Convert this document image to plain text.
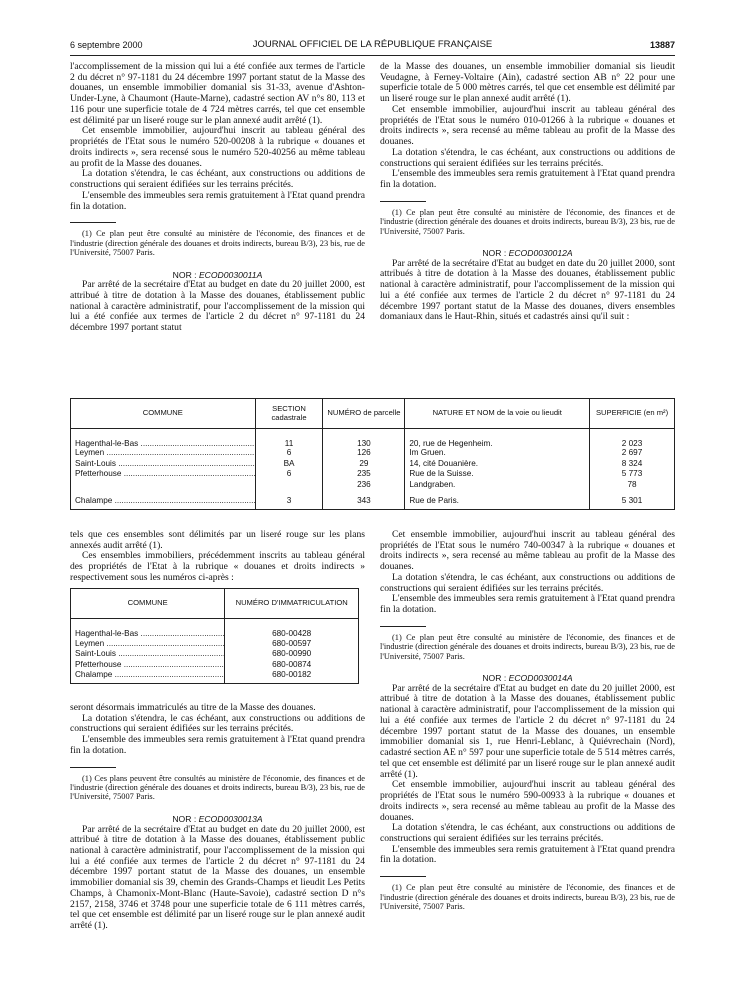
6 septembre 2000	JOURNAL OFFICIEL DE LA RÉPUBLIQUE FRANÇAISE	13887

l'accomplissement de la mission qui lui a été confiée aux termes de l'article 2 du décret n° 97-1181 du 24 décembre 1997 portant statut de la Masse des douanes, un ensemble immobilier domanial sis 31-33, avenue d'Ashton-Under-Lyne, à Chaumont (Haute-Marne), cadastré section AV n°s 80, 113 et 116 pour une superficie totale de 4 724 mètres carrés, tel que cet ensemble est délimité par un liseré rouge sur le plan annexé audit arrêté (1).

Cet ensemble immobilier, aujourd'hui inscrit au tableau général des propriétés de l'Etat sous le numéro 520-00208 à la rubrique « douanes et droits indirects », sera recensé sous le numéro 520-40256 au même tableau au profit de la Masse des douanes.

La dotation s'étendra, le cas échéant, aux constructions ou additions de constructions qui seraient édifiées sur les terrains précités.

L'ensemble des immeubles sera remis gratuitement à l'Etat quand prendra fin la dotation.

(1) Ce plan peut être consulté au ministère de l'économie, des finances et de l'industrie (direction générale des douanes et droits indirects, bureau B/3), 23 bis, rue de l'Université, 75007 Paris.

NOR : ECOD0030011A

Par arrêté de la secrétaire d'Etat au budget en date du 20 juillet 2000, est attribué à titre de dotation à la Masse des douanes, établissement public national à caractère administratif, pour l'accomplissement de la mission qui lui a été confiée aux termes de l'article 2 du décret n° 97-1181 du 24 décembre 1997 portant statut

de la Masse des douanes, un ensemble immobilier domanial sis lieudit Veudagne, à Ferney-Voltaire (Ain), cadastré section AB n° 22 pour une superficie totale de 5 000 mètres carrés, tel que cet ensemble est délimité par un liseré rouge sur le plan annexé audit arrêté (1).

Cet ensemble immobilier, aujourd'hui inscrit au tableau général des propriétés de l'Etat sous le numéro 010-01266 à la rubrique « douanes et droits indirects », sera recensé au même tableau au profit de la Masse des douanes.

La dotation s'étendra, le cas échéant, aux constructions ou additions de constructions qui seraient édifiées sur les terrains précités.

L'ensemble des immeubles sera remis gratuitement à l'Etat quand prendra fin la dotation.

(1) Ce plan peut être consulté au ministère de l'économie, des finances et de l'industrie (direction générale des douanes et droits indirects, bureau B/3), 23 bis, rue de l'Université, 75007 Paris.

NOR : ECOD0030012A

Par arrêté de la secrétaire d'Etat au budget en date du 20 juillet 2000, sont attribués à titre de dotation à la Masse des douanes, établissement public national à caractère administratif, pour l'accomplissement de la mission qui lui a été confiée aux termes de l'article 2 du décret n° 97-1181 du 24 décembre 1997 portant statut de la Masse des douanes, divers ensembles domaniaux dans le Haut-Rhin, situés et cadastrés ainsi qu'il suit :

COMMUNE	SECTION cadastrale	NUMÉRO de parcelle	NATURE ET NOM de la voie ou lieudit	SUPERFICIE (en m²)
Hagenthal-le-Bas .....	11	130	20, rue de Hegenheim.	2 023
Leymen .....	6	126	Im Gruen.	2 697
Saint-Louis .....	BA	29	14, cité Douanière.	8 324
Pfetterhouse .....	6	235	Rue de la Suisse.	5 773
		236	Landgraben.	78
Chalampe .....	3	343	Rue de Paris.	5 301

tels que ces ensembles sont délimités par un liseré rouge sur les plans annexés audit arrêté (1).

Ces ensembles immobiliers, précédemment inscrits au tableau général des propriétés de l'Etat à la rubrique « douanes et droits indirects » respectivement sous les numéros ci-après :

COMMUNE	NUMÉRO D'IMMATRICULATION
Hagenthal-le-Bas .....	680-00428
Leymen .....	680-00597
Saint-Louis .....	680-00990
Pfetterhouse .....	680-00874
Chalampe .....	680-00182

seront désormais immatriculés au titre de la Masse des douanes.

La dotation s'étendra, le cas échéant, aux constructions ou additions de constructions qui seraient édifiées sur les terrains précités.

L'ensemble des immeubles sera remis gratuitement à l'Etat quand prendra fin la dotation.

(1) Ces plans peuvent être consultés au ministère de l'économie, des finances et de l'industrie (direction générale des douanes et droits indirects, bureau B/3), 23 bis, rue de l'Université, 75007 Paris.

NOR : ECOD0030013A

Par arrêté de la secrétaire d'Etat au budget en date du 20 juillet 2000, est attribué à titre de dotation à la Masse des douanes, établissement public national à caractère administratif, pour l'accomplissement de la mission qui lui a été confiée aux termes de l'article 2 du décret n° 97-1181 du 24 décembre 1997 portant statut de la Masse des douanes, un ensemble immobilier domanial sis 39, chemin des Grands-Champs et lieudit Les Petits Champs, à Chamonix-Mont-Blanc (Haute-Savoie), cadastré section D n°s 2157, 2158, 3746 et 3748 pour une superficie totale de 6 111 mètres carrés, tel que cet ensemble est délimité par un liseré rouge sur le plan annexé audit arrêté (1).

Cet ensemble immobilier, aujourd'hui inscrit au tableau général des propriétés de l'Etat sous le numéro 740-00347 à la rubrique « douanes et droits indirects », sera recensé au même tableau au profit de la Masse des douanes.

La dotation s'étendra, le cas échéant, aux constructions ou additions de constructions qui seraient édifiées sur les terrains précités.

L'ensemble des immeubles sera remis gratuitement à l'Etat quand prendra fin la dotation.

(1) Ce plan peut être consulté au ministère de l'économie, des finances et de l'industrie (direction générale des douanes et droits indirects, bureau B/3), 23 bis, rue de l'Université, 75007 Paris.

NOR : ECOD0030014A

Par arrêté de la secrétaire d'Etat au budget en date du 20 juillet 2000, est attribué à titre de dotation à la Masse des douanes, établissement public national à caractère administratif, pour l'accomplissement de la mission qui lui a été confiée aux termes de l'article 2 du décret n° 97-1181 du 24 décembre 1997 portant statut de la Masse des douanes, un ensemble immobilier domanial sis 1, rue Henri-Leblanc, à Quiévrechain (Nord), cadastré section AE n° 597 pour une superficie totale de 5 514 mètres carrés, tel que cet ensemble est délimité par un liseré rouge sur le plan annexé audit arrêté (1).

Cet ensemble immobilier, aujourd'hui inscrit au tableau général des propriétés de l'Etat sous le numéro 590-00933 à la rubrique « douanes et droits indirects », sera recensé au même tableau au profit de la Masse des douanes.

La dotation s'étendra, le cas échéant, aux constructions ou additions de constructions qui seraient édifiées sur les terrains précités.

L'ensemble des immeubles sera remis gratuitement à l'Etat quand prendra fin la dotation.

(1) Ce plan peut être consulté au ministère de l'économie, des finances et de l'industrie (direction générale des douanes et droits indirects, bureau B/3), 23 bis, rue de l'Université, 75007 Paris.
